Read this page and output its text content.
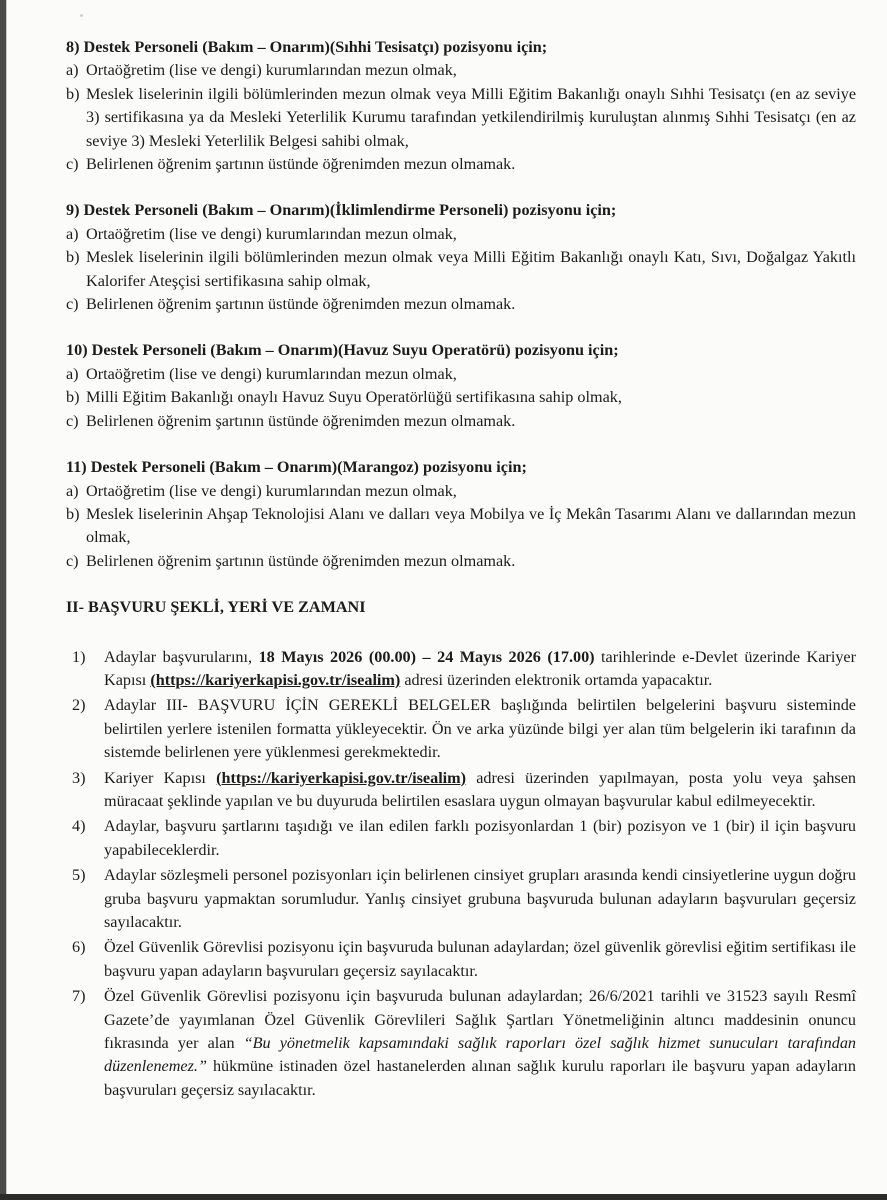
8) Destek Personeli (Bakım – Onarım)(Sıhhi Tesisatçı) pozisyonu için;
a) Ortaöğretim (lise ve dengi) kurumlarından mezun olmak,
b) Meslek liselerinin ilgili bölümlerinden mezun olmak veya Milli Eğitim Bakanlığı onaylı Sıhhi Tesisatçı (en az seviye 3) sertifikasına ya da Mesleki Yeterlilik Kurumu tarafından yetkilendirilmiş kuruluştan alınmış Sıhhi Tesisatçı (en az seviye 3) Mesleki Yeterlilik Belgesi sahibi olmak,
c) Belirlenen öğrenim şartının üstünde öğrenimden mezun olmamak.
9) Destek Personeli (Bakım – Onarım)(İklimlendirme Personeli) pozisyonu için;
a) Ortaöğretim (lise ve dengi) kurumlarından mezun olmak,
b) Meslek liselerinin ilgili bölümlerinden mezun olmak veya Milli Eğitim Bakanlığı onaylı Katı, Sıvı, Doğalgaz Yakıtlı Kalorifer Ateşçisi sertifikasına sahip olmak,
c) Belirlenen öğrenim şartının üstünde öğrenimden mezun olmamak.
10) Destek Personeli (Bakım – Onarım)(Havuz Suyu Operatörü) pozisyonu için;
a) Ortaöğretim (lise ve dengi) kurumlarından mezun olmak,
b) Milli Eğitim Bakanlığı onaylı Havuz Suyu Operatörlüğü sertifikasına sahip olmak,
c) Belirlenen öğrenim şartının üstünde öğrenimden mezun olmamak.
11) Destek Personeli (Bakım – Onarım)(Marangoz) pozisyonu için;
a) Ortaöğretim (lise ve dengi) kurumlarından mezun olmak,
b) Meslek liselerinin Ahşap Teknolojisi Alanı ve dalları veya Mobilya ve İç Mekân Tasarımı Alanı ve dallarından mezun olmak,
c) Belirlenen öğrenim şartının üstünde öğrenimden mezun olmamak.
II- BAŞVURU ŞEKLİ, YERİ VE ZAMANI
1)	Adaylar başvurularını, 18 Mayıs 2026 (00.00) – 24 Mayıs 2026 (17.00) tarihlerinde e-Devlet üzerinde Kariyer Kapısı (https://kariyerkapisi.gov.tr/isealim) adresi üzerinden elektronik ortamda yapacaktır.
2)	Adaylar III- BAŞVURU İÇİN GEREKLİ BELGELER başlığında belirtilen belgelerini başvuru sisteminde belirtilen yerlere istenilen formatta yükleyecektir. Ön ve arka yüzünde bilgi yer alan tüm belgelerin iki tarafının da sistemde belirlenen yere yüklenmesi gerekmektedir.
3)	Kariyer Kapısı (https://kariyerkapisi.gov.tr/isealim) adresi üzerinden yapılmayan, posta yolu veya şahsen müracaat şeklinde yapılan ve bu duyuruda belirtilen esaslara uygun olmayan başvurular kabul edilmeyecektir.
4)	Adaylar, başvuru şartlarını taşıdığı ve ilan edilen farklı pozisyonlardan 1 (bir) pozisyon ve 1 (bir) il için başvuru yapabileceklerdir.
5)	Adaylar sözleşmeli personel pozisyonları için belirlenen cinsiyet grupları arasında kendi cinsiyetlerine uygun doğru gruba başvuru yapmaktan sorumludur. Yanlış cinsiyet grubuna başvuruda bulunan adayların başvuruları geçersiz sayılacaktır.
6)	Özel Güvenlik Görevlisi pozisyonu için başvuruda bulunan adaylardan; özel güvenlik görevlisi eğitim sertifikası ile başvuru yapan adayların başvuruları geçersiz sayılacaktır.
7)	Özel Güvenlik Görevlisi pozisyonu için başvuruda bulunan adaylardan; 26/6/2021 tarihli ve 31523 sayılı Resmî Gazete’de yayımlanan Özel Güvenlik Görevlileri Sağlık Şartları Yönetmeliğinin altıncı maddesinin onuncu fıkrasında yer alan “Bu yönetmelik kapsamındaki sağlık raporları özel sağlık hizmet sunucuları tarafından düzenlenemez.” hükmüne istinaden özel hastanelerden alınan sağlık kurulu raporları ile başvuru yapan adayların başvuruları geçersiz sayılacaktır.
